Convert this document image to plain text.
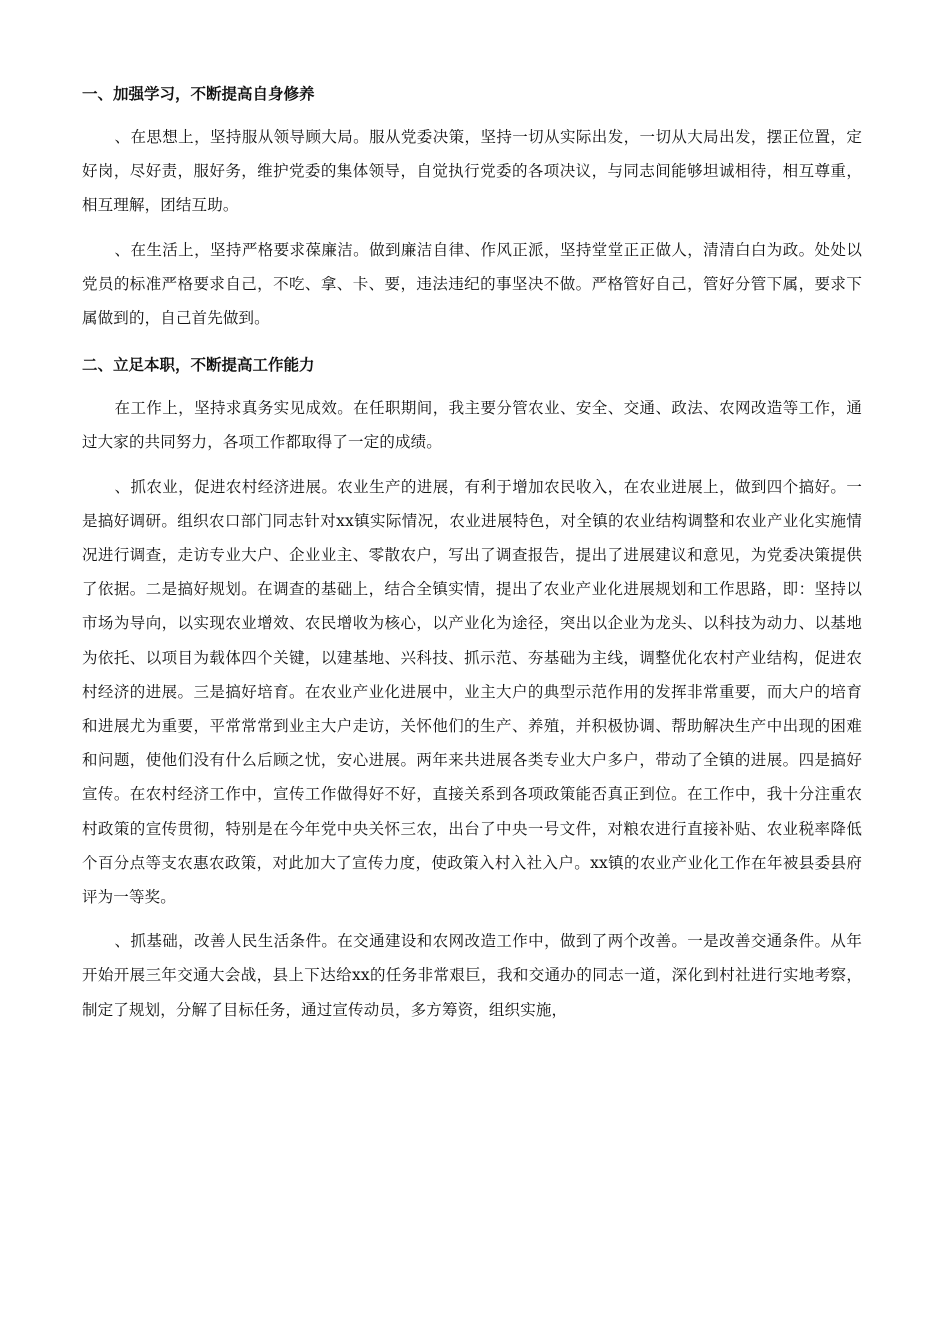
一、加强学习，不断提高自身修养

、在思想上，坚持服从领导顾大局。服从党委决策，坚持一切从实际出发，一切从大局出发，摆正位置，定好岗，尽好责，服好务，维护党委的集体领导，自觉执行党委的各项决议，与同志间能够坦诚相待，相互尊重，相互理解，团结互助。

、在生活上，坚持严格要求葆廉洁。做到廉洁自律、作风正派，坚持堂堂正正做人，清清白白为政。处处以党员的标准严格要求自己，不吃、拿、卡、要，违法违纪的事坚决不做。严格管好自己，管好分管下属，要求下属做到的，自己首先做到。

二、立足本职，不断提高工作能力

在工作上，坚持求真务实见成效。在任职期间，我主要分管农业、安全、交通、政法、农网改造等工作，通过大家的共同努力，各项工作都取得了一定的成绩。

、抓农业，促进农村经济进展。农业生产的进展，有利于增加农民收入，在农业进展上，做到四个搞好。一是搞好调研。组织农口部门同志针对xx镇实际情况，农业进展特色，对全镇的农业结构调整和农业产业化实施情况进行调查，走访专业大户、企业业主、零散农户，写出了调查报告，提出了进展建议和意见，为党委决策提供了依据。二是搞好规划。在调查的基础上，结合全镇实情，提出了农业产业化进展规划和工作思路，即：坚持以市场为导向，以实现农业增效、农民增收为核心，以产业化为途径，突出以企业为龙头、以科技为动力、以基地为依托、以项目为载体四个关键，以建基地、兴科技、抓示范、夯基础为主线，调整优化农村产业结构，促进农村经济的进展。三是搞好培育。在农业产业化进展中，业主大户的典型示范作用的发挥非常重要，而大户的培育和进展尤为重要，平常常常到业主大户走访，关怀他们的生产、养殖，并积极协调、帮助解决生产中出现的困难和问题，使他们没有什么后顾之忧，安心进展。两年来共进展各类专业大户多户，带动了全镇的进展。四是搞好宣传。在农村经济工作中，宣传工作做得好不好，直接关系到各项政策能否真正到位。在工作中，我十分注重农村政策的宣传贯彻，特别是在今年党中央关怀三农，出台了中央一号文件，对粮农进行直接补贴、农业税率降低个百分点等支农惠农政策，对此加大了宣传力度，使政策入村入社入户。xx镇的农业产业化工作在年被县委县府评为一等奖。

、抓基础，改善人民生活条件。在交通建设和农网改造工作中，做到了两个改善。一是改善交通条件。从年开始开展三年交通大会战，县上下达给xx的任务非常艰巨，我和交通办的同志一道，深化到村社进行实地考察，制定了规划，分解了目标任务，通过宣传动员，多方筹资，组织实施，
